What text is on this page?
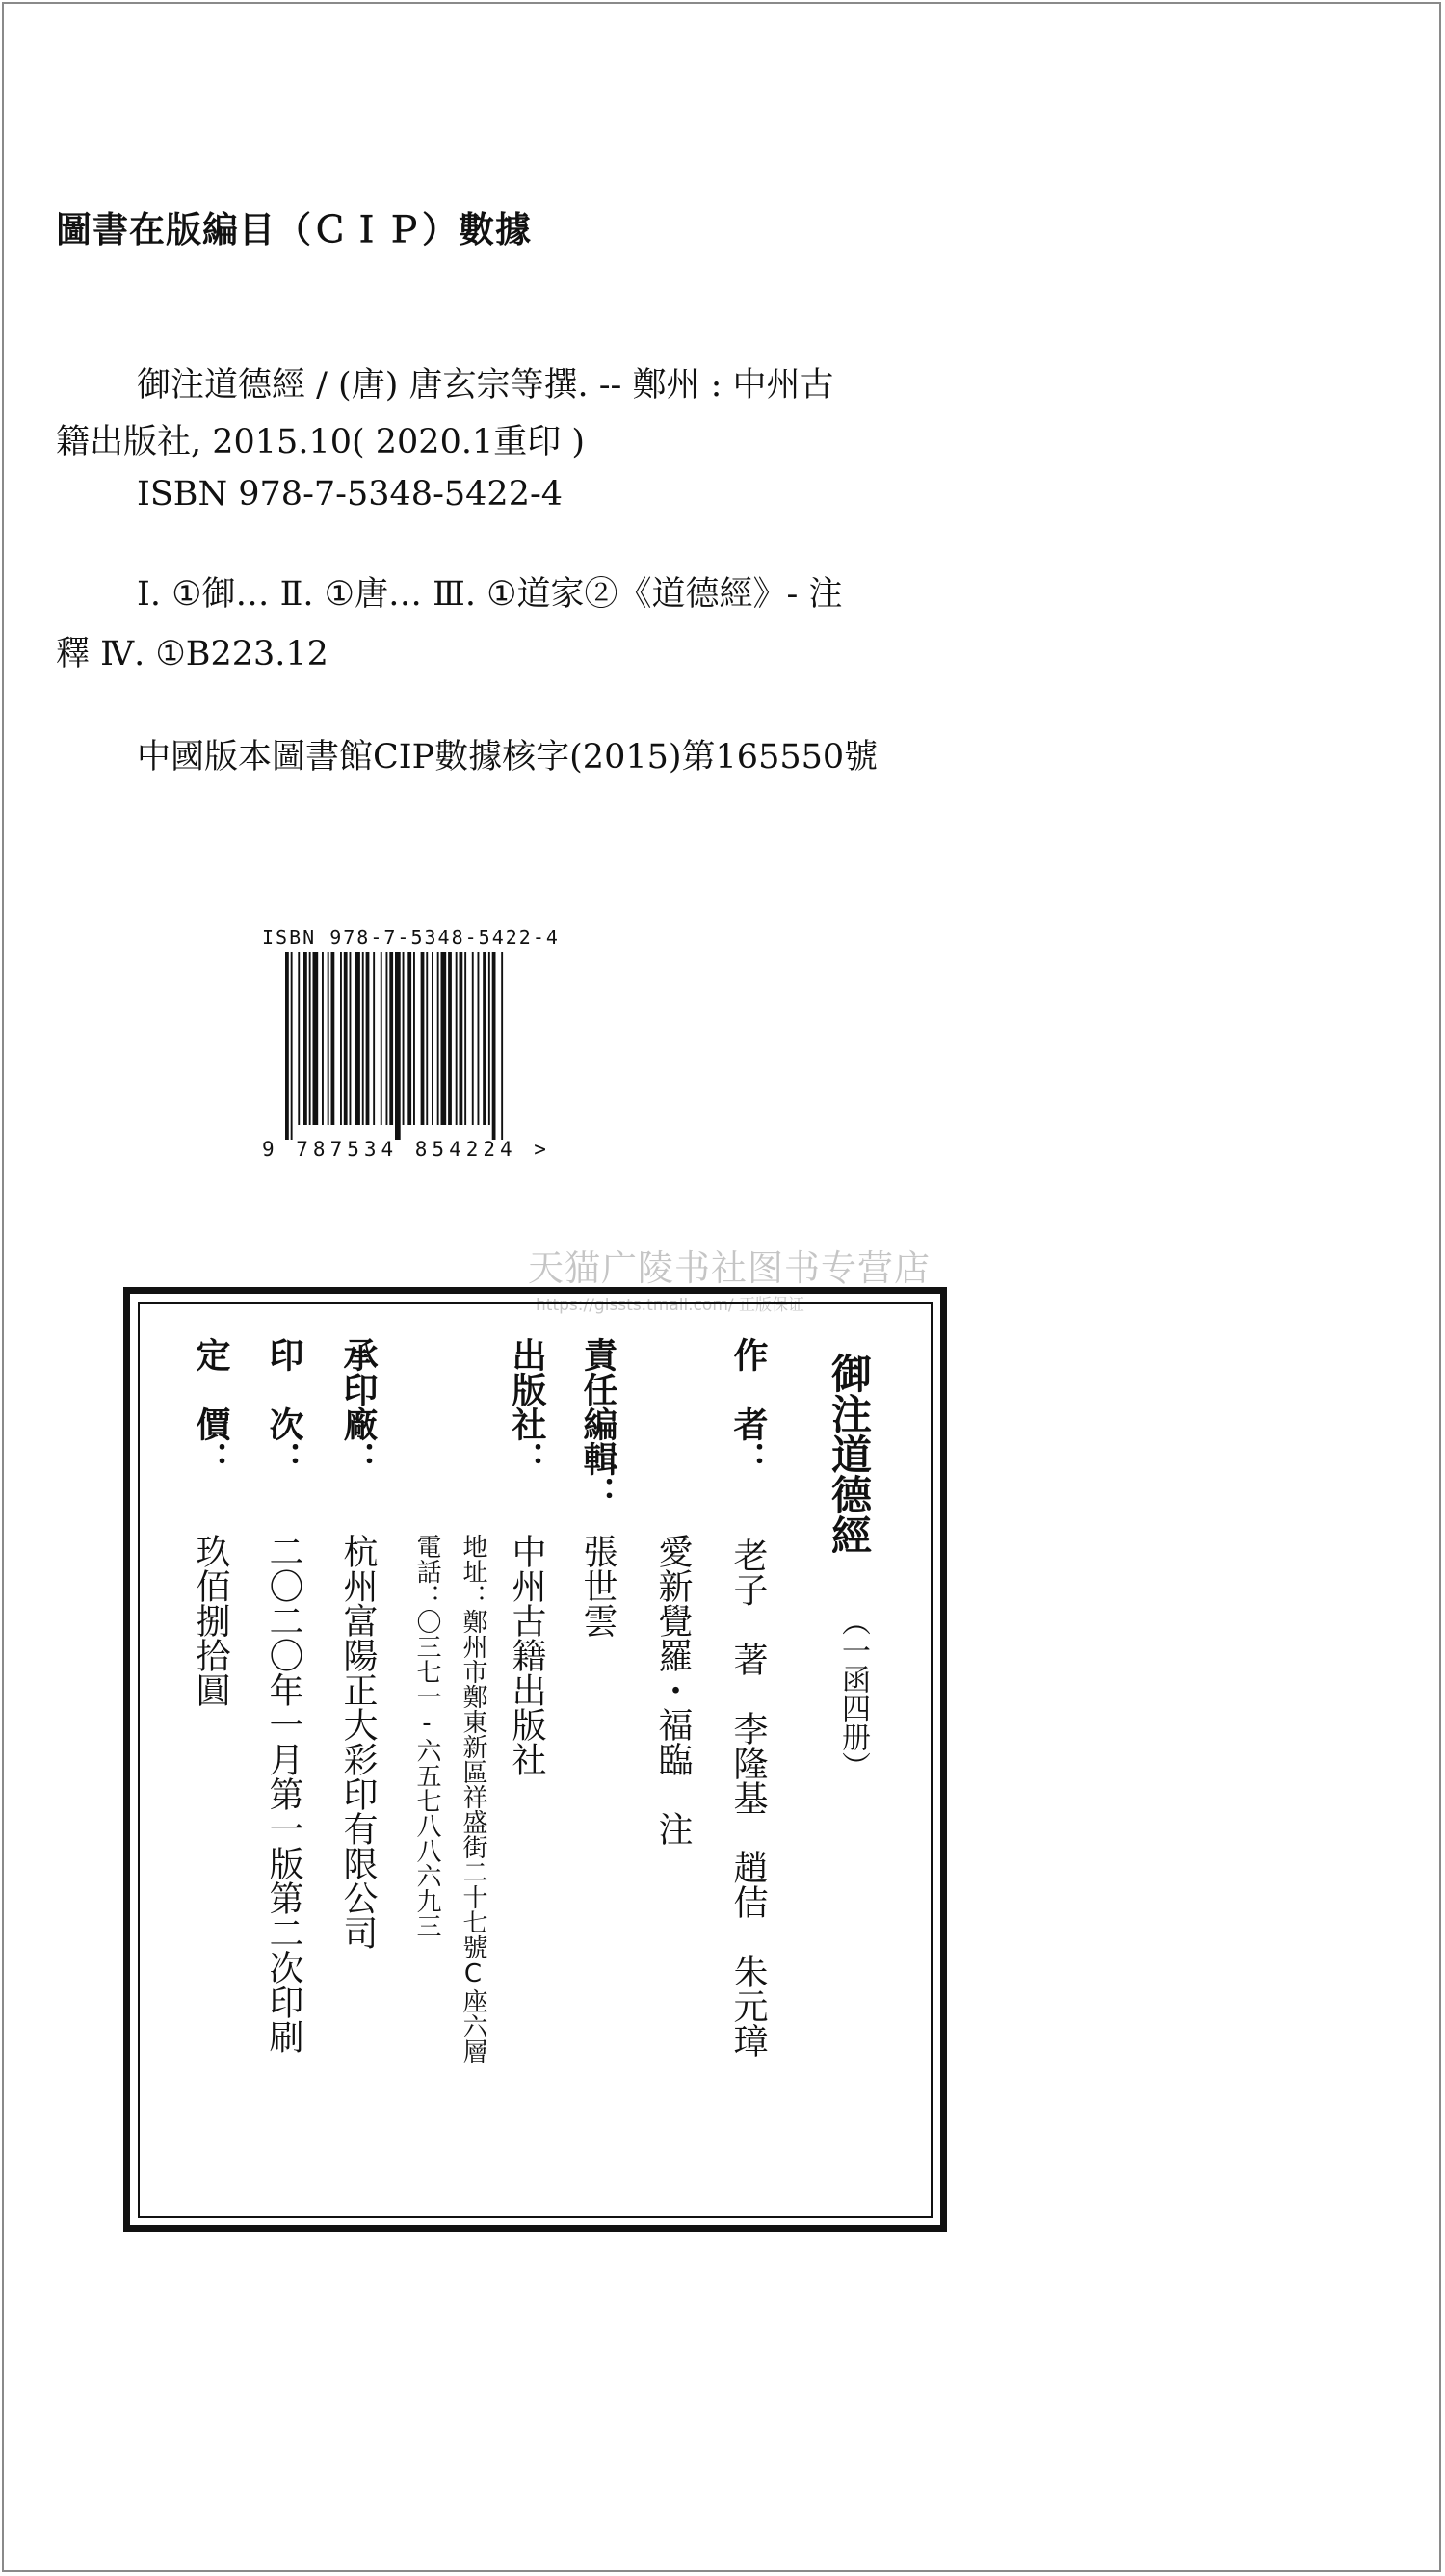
圖書在版編目（ＣＩＰ）數據
御注道德經 / (唐) 唐玄宗等撰. -- 鄭州 : 中州古
籍出版社, 2015.10( 2020.1重印 )
ISBN 978-7-5348-5422-4
Ⅰ. ①御… Ⅱ. ①唐… Ⅲ. ①道家②《道德經》- 注
釋 Ⅳ. ①B223.12
中國版本圖書館CIP數據核字(2015)第165550號
ISBN 978-7-5348-5422-4
9 787534 854224 >
天猫广陵书社图书专营店
https://glssts.tmall.com/ 正版保证
御注道德經
（一函四册）
作　者：
老子　著　李隆基　趙佶　朱元璋
愛新覺羅・福臨　注
責任編輯：
張世雲
出版社：
中州古籍出版社
地址：鄭州市鄭東新區祥盛街二十七號C座六層
電話：〇三七一-六五七八八六九三
承印廠：
杭州富陽正大彩印有限公司
印　次：
二〇二〇年一月第一版第二次印刷
定　價：
玖佰捌拾圓
